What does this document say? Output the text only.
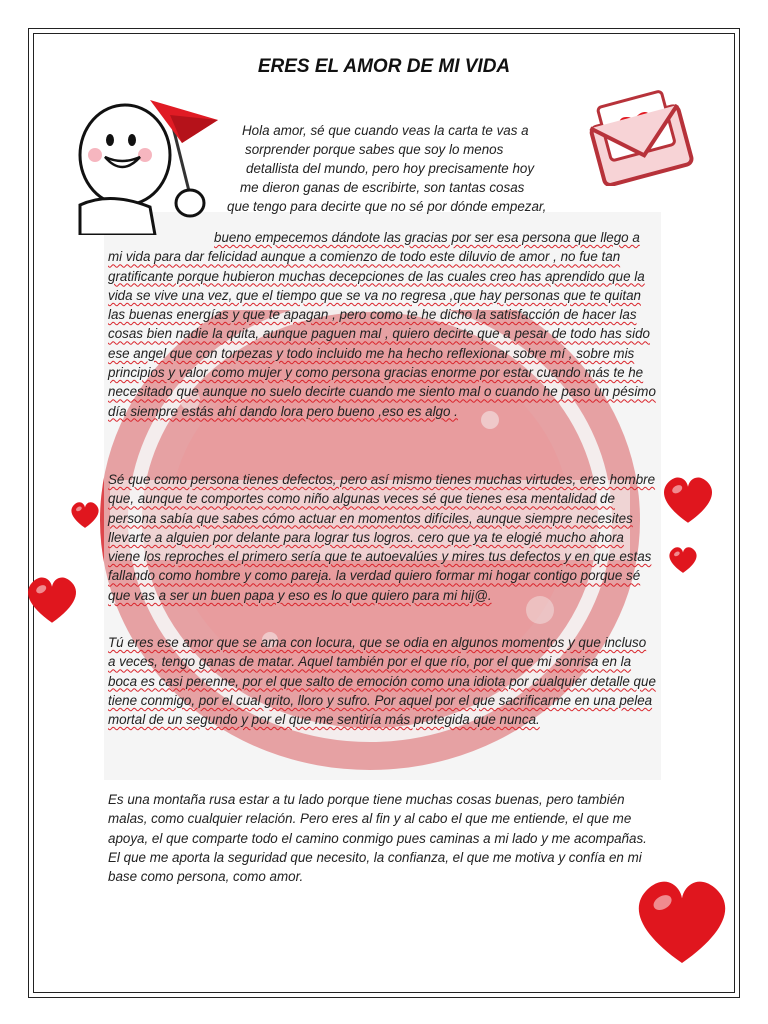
ERES EL AMOR DE MI VIDA
Hola amor, sé que cuando veas la carta te vas a
sorprender porque sabes que soy lo menos
detallista del mundo, pero hoy precisamente hoy
me dieron ganas de escribirte, son tantas cosas
que tengo para decirte que no sé por dónde empezar,
bueno empecemos dándote las gracias por ser esa persona que llego a mi vida para dar felicidad aunque a comienzo de todo este diluvio de amor , no fue tan gratificante porque hubieron muchas decepciones de las cuales creo has aprendido que la vida se vive una vez, que el tiempo que se va no regresa ,que hay personas que te quitan las buenas energías y que te apagan , pero como te he dicho la satisfacción de hacer las cosas bien nadie la quita, aunque paguen mal , quiero decirte que a pesar de todo has sido ese angel que con torpezas y todo incluido me ha hecho reflexionar sobre mí , sobre mis principios y valor como mujer y como persona gracias enorme por estar cuando más te he necesitado que aunque no suelo decirte cuando me siento mal o cuando he paso un pésimo día siempre estás ahí dando lora pero bueno ,eso es algo .
Sé que como persona tienes defectos, pero así mismo tienes muchas virtudes, eres hombre que, aunque te comportes como niño algunas veces sé que tienes esa mentalidad de persona sabía que sabes cómo actuar en momentos difíciles, aunque siempre necesites llevarte a alguien por delante para lograr tus logros. cero que ya te elogié mucho ahora viene los reproches el primero sería que te autoevalúes y mires tus defectos y en que estas fallando como hombre y como pareja. la verdad quiero formar mi hogar contigo porque sé que vas a ser un buen papa y eso es lo que quiero para mi hij@.
Tú eres ese amor que se ama con locura, que se odia en algunos momentos y que incluso a veces, tengo ganas de matar. Aquel también por el que río, por el que mi sonrisa en la boca es casi perenne, por el que salto de emoción como una idiota por cualquier detalle que tiene conmigo, por el cual grito, lloro y sufro. Por aquel por el que sacrificarme en una pelea mortal de un segundo y por el que me sentiría más protegida que nunca.
Es una montaña rusa estar a tu lado porque tiene muchas cosas buenas, pero también malas, como cualquier relación. Pero eres al fin y al cabo el que me entiende, el que me apoya, el que comparte todo el camino conmigo pues caminas a mi lado y me acompañas. El que me aporta la seguridad que necesito, la confianza, el que me motiva y confía en mi base como persona, como amor.
